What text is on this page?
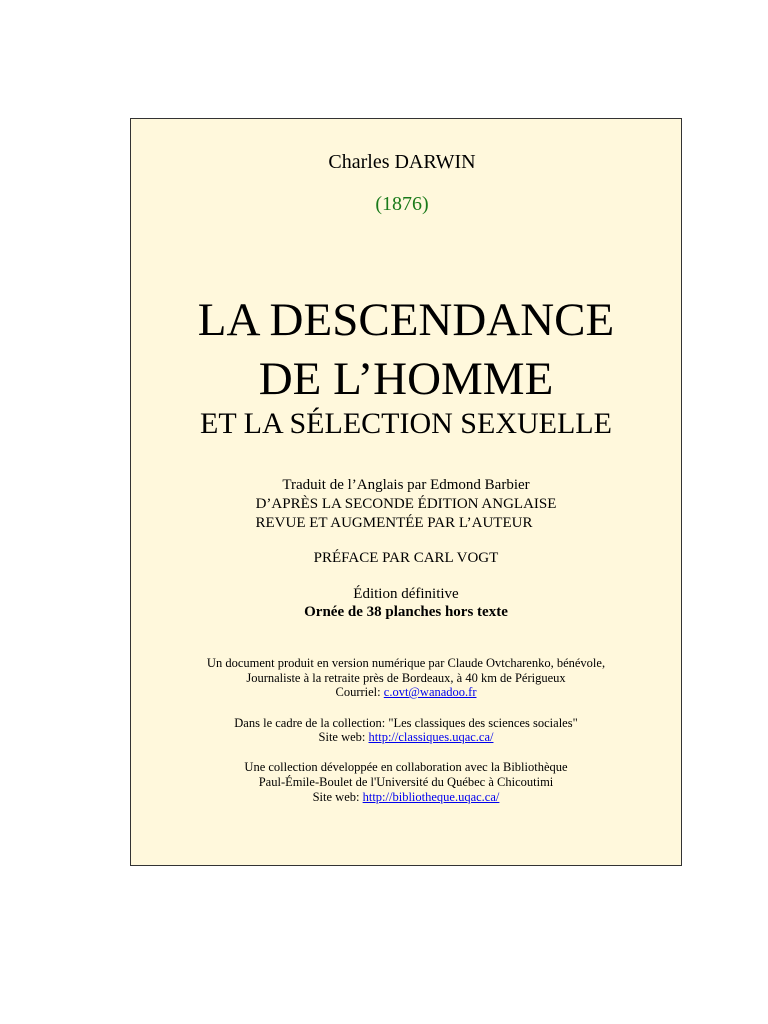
Charles DARWIN
(1876)
LA DESCENDANCE
DE L’HOMME
ET LA SÉLECTION SEXUELLE
Traduit de l’Anglais par Edmond Barbier
D’APRÈS LA SECONDE ÉDITION ANGLAISE
REVUE ET AUGMENTÉE PAR L’AUTEUR
PRÉFACE PAR CARL VOGT
Édition définitive
Ornée de 38 planches hors texte
Un document produit en version numérique par Claude Ovtcharenko, bénévole,
Journaliste à la retraite près de Bordeaux, à 40 km de Périgueux
Courriel: c.ovt@wanadoo.fr
Dans le cadre de la collection: "Les classiques des sciences sociales"
Site web: http://classiques.uqac.ca/
Une collection développée en collaboration avec la Bibliothèque
Paul-Émile-Boulet de l'Université du Québec à Chicoutimi
Site web: http://bibliotheque.uqac.ca/
